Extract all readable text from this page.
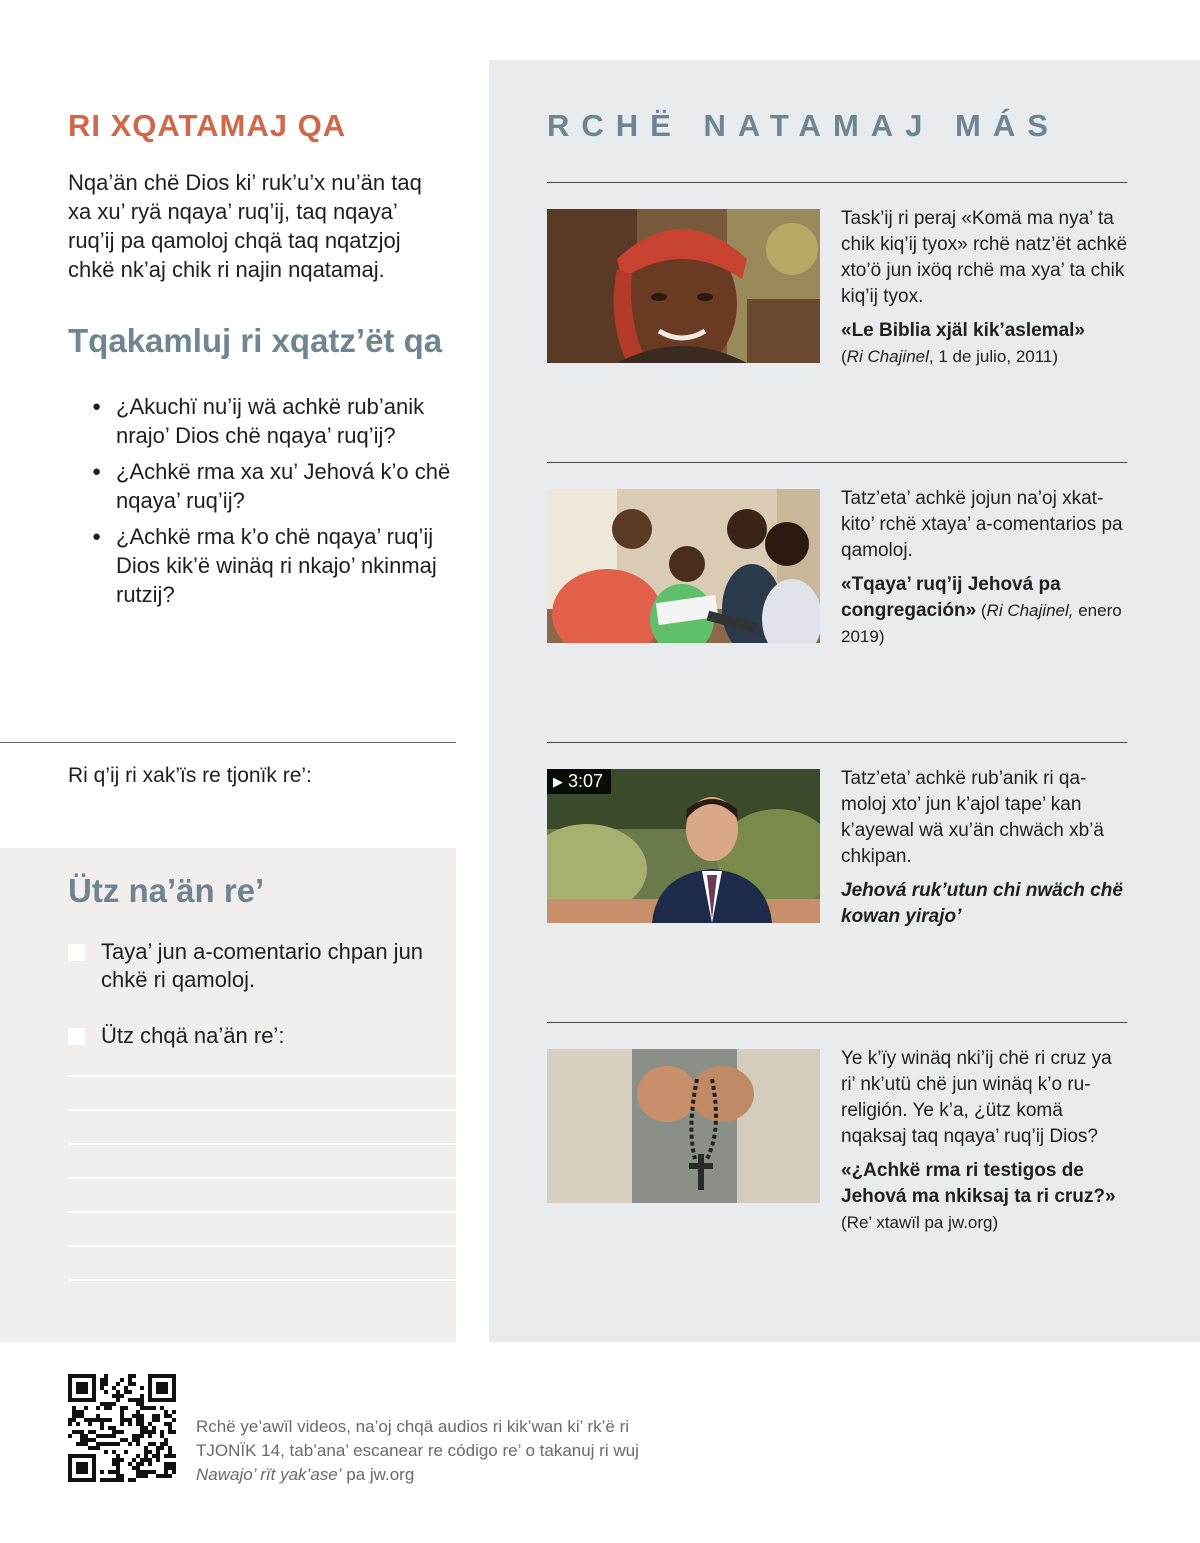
RI XQATAMAJ QA

Nqa’än chë Dios ki’ ruk’u’x nu’än taq xa xu’ ryä nqaya’ ruq’ij, taq nqaya’ ruq’ij pa qamoloj chqä taq nqatzjoj chkë nk’aj chik ri najin nqatamaj.

Tqakamluj ri xqatz’ët qa
● ¿Akuchï nu’ij wä achkë rub’anik nrajo’ Dios chë nqaya’ ruq’ij?
● ¿Achkë rma xa xu’ Jehová k’o chë nqaya’ ruq’ij?
● ¿Achkë rma k’o chë nqaya’ ruq’ij Dios kik’ë winäq ri nkajo’ nkinmaj rutzij?

Ri q’ij ri xak’ïs re tjonïk re’:

Ütz na’än re’
Taya’ jun a-comentario chpan jun chkë ri qamoloj.
Ütz chqä na’än re’:
RCHË NATAMAJ MÁS

Task’ij ri peraj «Komä ma nya’ ta chik kiq’ij tyox» rchë natz’ët achkë xto’ö jun ixöq rchë ma xya’ ta chik kiq’ij tyox.

«Le Biblia xjäl kik’aslemal»

(Ri Chajinel, 1 de julio, 2011)

Tatz’eta’ achkë jojun na’oj xkat-kito’ rchë xtaya’ a-comentarios pa qamoloj.

«Tqaya’ ruq’ij Jehová pa congregación» (Ri Chajinel, enero 2019)

▶ 3:07	Tatz’eta’ achkë rub’anik ri qa-moloj xto’ jun k’ajol tape’ kan k’ayewal wä xu’än chwäch xb’ä chkipan.

Jehová ruk’utun chi nwäch chë kowan yirajo’

Ye k’ïy winäq nki’ij chë ri cruz ya ri’ nk’utü chë jun winäq k’o ru-religión. Ye k’a, ¿ütz komä nqaksaj taq nqaya’ ruq’ij Dios?

«¿Achkë rma ri testigos de Jehová ma nkiksaj ta ri cruz?»

(Re’ xtawïl pa jw.org)

Rchë ye’awïl videos, na’oj chqä audios ri kik’wan ki’ rk’ë ri TJONÏK 14, tab’ana’ escanear re código re’ o takanuj ri wuj Nawajo’ rït yak’ase’ pa jw.org
